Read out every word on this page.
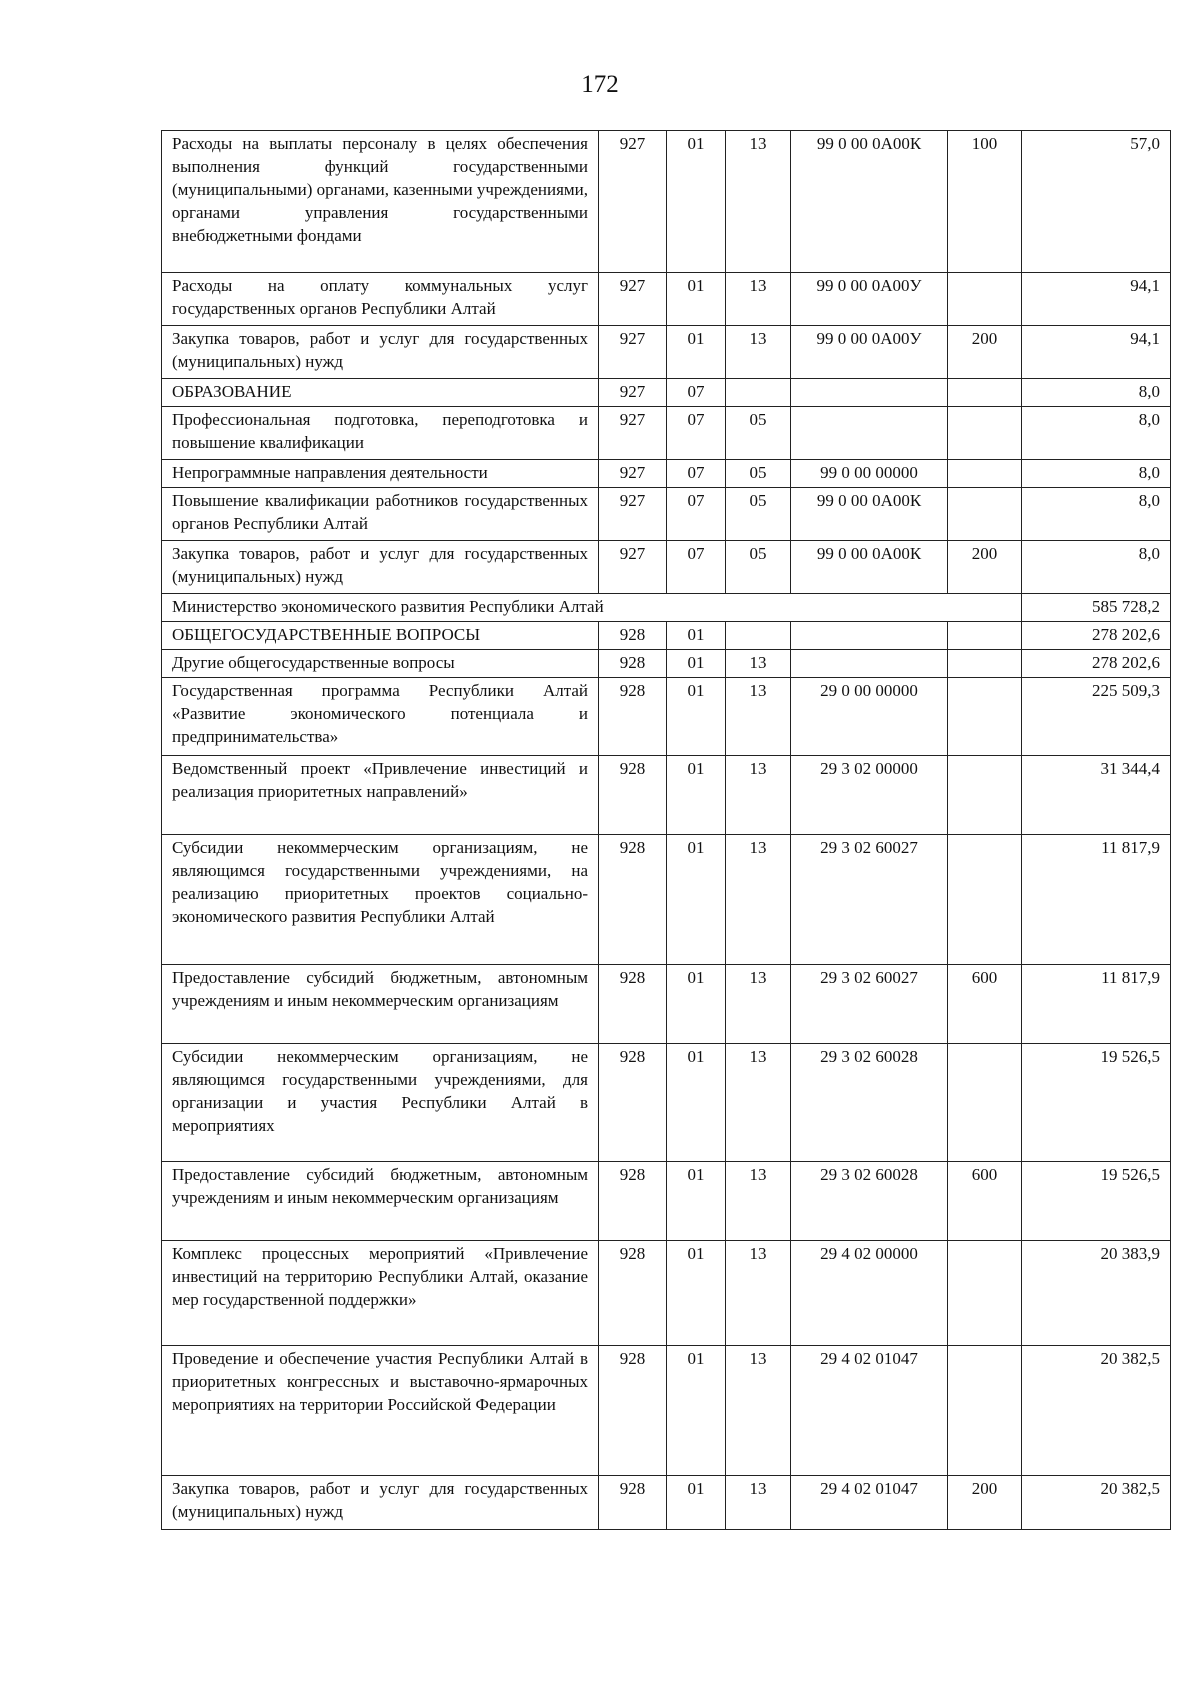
172
Расходы на выплаты персоналу в целях обеспечения выполнения функций государственными (муниципальными) органами, казенными учреждениями, органами управления государственными внебюджетными фондами	927	01	13	99 0 00 0А00К	100	57,0
Расходы на оплату коммунальных услуг государственных органов Республики Алтай	927	01	13	99 0 00 0А00У		94,1
Закупка товаров, работ и услуг для государственных (муниципальных) нужд	927	01	13	99 0 00 0А00У	200	94,1
ОБРАЗОВАНИЕ	927	07				8,0
Профессиональная подготовка, переподготовка и повышение квалификации	927	07	05			8,0
Непрограммные направления деятельности	927	07	05	99 0 00 00000		8,0
Повышение квалификации работников государственных органов Республики Алтай	927	07	05	99 0 00 0А00К		8,0
Закупка товаров, работ и услуг для государственных (муниципальных) нужд	927	07	05	99 0 00 0А00К	200	8,0
Министерство экономического развития Республики Алтай						585 728,2
ОБЩЕГОСУДАРСТВЕННЫЕ ВОПРОСЫ	928	01				278 202,6
Другие общегосударственные вопросы	928	01	13			278 202,6
Государственная программа Республики Алтай «Развитие экономического потенциала и предпринимательства»	928	01	13	29 0 00 00000		225 509,3
Ведомственный проект «Привлечение инвестиций и реализация приоритетных направлений»	928	01	13	29 3 02 00000		31 344,4
Субсидии некоммерческим организациям, не являющимся государственными учреждениями, на реализацию приоритетных проектов социально-экономического развития Республики Алтай	928	01	13	29 3 02 60027		11 817,9
Предоставление субсидий бюджетным, автономным учреждениям и иным некоммерческим организациям	928	01	13	29 3 02 60027	600	11 817,9
Субсидии некоммерческим организациям, не являющимся государственными учреждениями, для организации и участия Республики Алтай в мероприятиях	928	01	13	29 3 02 60028		19 526,5
Предоставление субсидий бюджетным, автономным учреждениям и иным некоммерческим организациям	928	01	13	29 3 02 60028	600	19 526,5
Комплекс процессных мероприятий «Привлечение инвестиций на территорию Республики Алтай, оказание мер государственной поддержки»	928	01	13	29 4 02 00000		20 383,9
Проведение и обеспечение участия Республики Алтай в приоритетных конгрессных и выставочно-ярмарочных мероприятиях на территории Российской Федерации	928	01	13	29 4 02 01047		20 382,5
Закупка товаров, работ и услуг для государственных (муниципальных) нужд	928	01	13	29 4 02 01047	200	20 382,5
